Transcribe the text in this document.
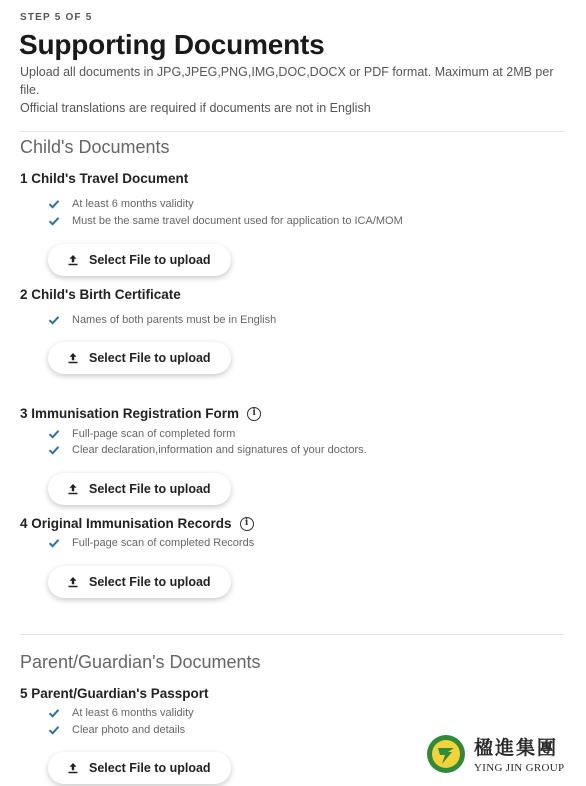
STEP 5 OF 5
Supporting Documents
Upload all documents in JPG,JPEG,PNG,IMG,DOC,DOCX or PDF format. Maximum at 2MB per file.
Official translations are required if documents are not in English
Child's Documents
1 Child's Travel Document
At least 6 months validity
Must be the same travel document used for application to ICA/MOM
Select File to upload
2 Child's Birth Certificate
Names of both parents must be in English
Select File to upload
3 Immunisation Registration Form	i
Full-page scan of completed form
Clear declaration,information and signatures of your doctors.
Select File to upload
4 Original Immunisation Records	i
Full-page scan of completed Records
Select File to upload
Parent/Guardian's Documents
5 Parent/Guardian's Passport
At least 6 months validity
Clear photo and details
Select File to upload
楹進集團
YING JIN GROUP
